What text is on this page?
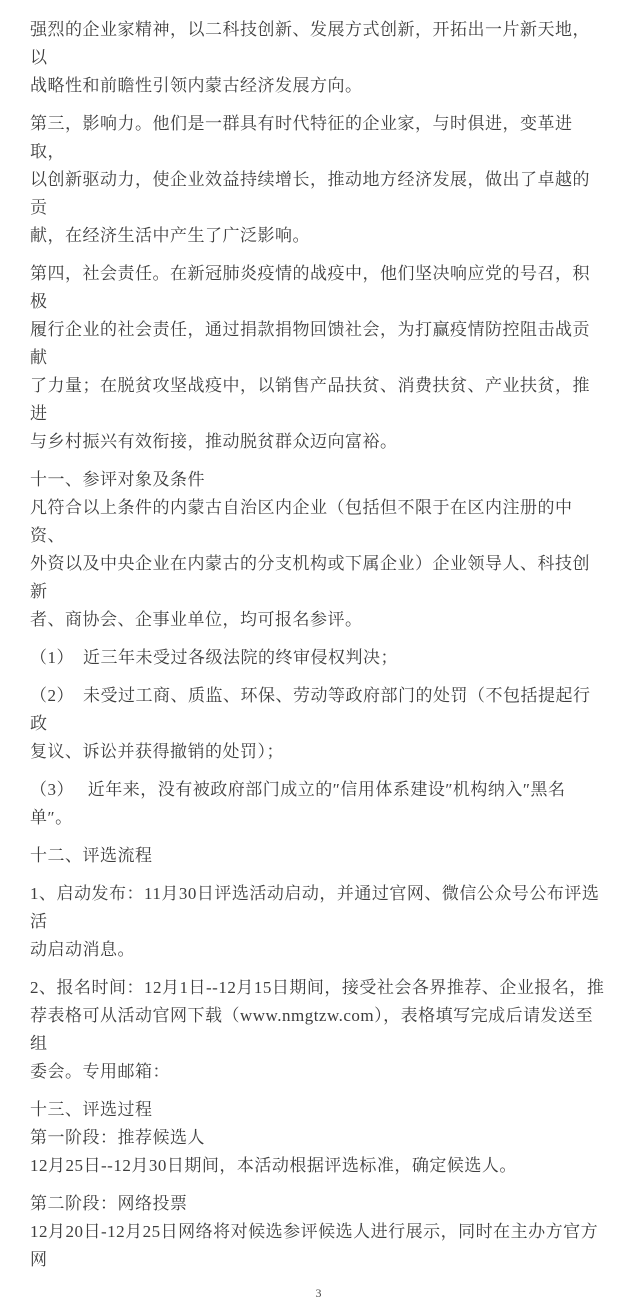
强烈的企业家精神，以二科技创新、发展方式创新，开拓出一片新天地，以
战略性和前瞻性引领内蒙古经济发展方向。
第三，影响力。他们是一群具有时代特征的企业家，与时俱进，变革进取，
以创新驱动力，使企业效益持续增长，推动地方经济发展，做出了卓越的贡
献，在经济生活中产生了广泛影响。
第四，社会责任。在新冠肺炎疫情的战疫中，他们坚决响应党的号召，积极
履行企业的社会责任，通过捐款捐物回馈社会，为打赢疫情防控阻击战贡献
了力量；在脱贫攻坚战疫中，以销售产品扶贫、消费扶贫、产业扶贫，推进
与乡村振兴有效衔接，推动脱贫群众迈向富裕。
十一、参评对象及条件
凡符合以上条件的内蒙古自治区内企业（包括但不限于在区内注册的中资、
外资以及中央企业在内蒙古的分支机构或下属企业）企业领导人、科技创新
者、商协会、企事业单位，均可报名参评。
（1）　近三年未受过各级法院的终审侵权判决；
（2）　未受过工商、质监、环保、劳动等政府部门的处罚（不包括提起行政
复议、诉讼并获得撤销的处罚）；
（3）　 近年来，没有被政府部门成立的″信用体系建设″机构纳入″黑名单″。
十二、评选流程
1、启动发布：11月30日评选活动启动，并通过官网、微信公众号公布评选活
动启动消息。
2、报名时间：12月1日--12月15日期间，接受社会各界推荐、企业报名，推
荐表格可从活动官网下载（www.nmgtzw.com），表格填写完成后请发送至组
委会。专用邮箱：
十三、评选过程
第一阶段：推荐候选人
12月25日--12月30日期间，本活动根据评选标准，确定候选人。
第二阶段：网络投票
12月20日-12月25日网络将对候选参评候选人进行展示，同时在主办方官方网
3
